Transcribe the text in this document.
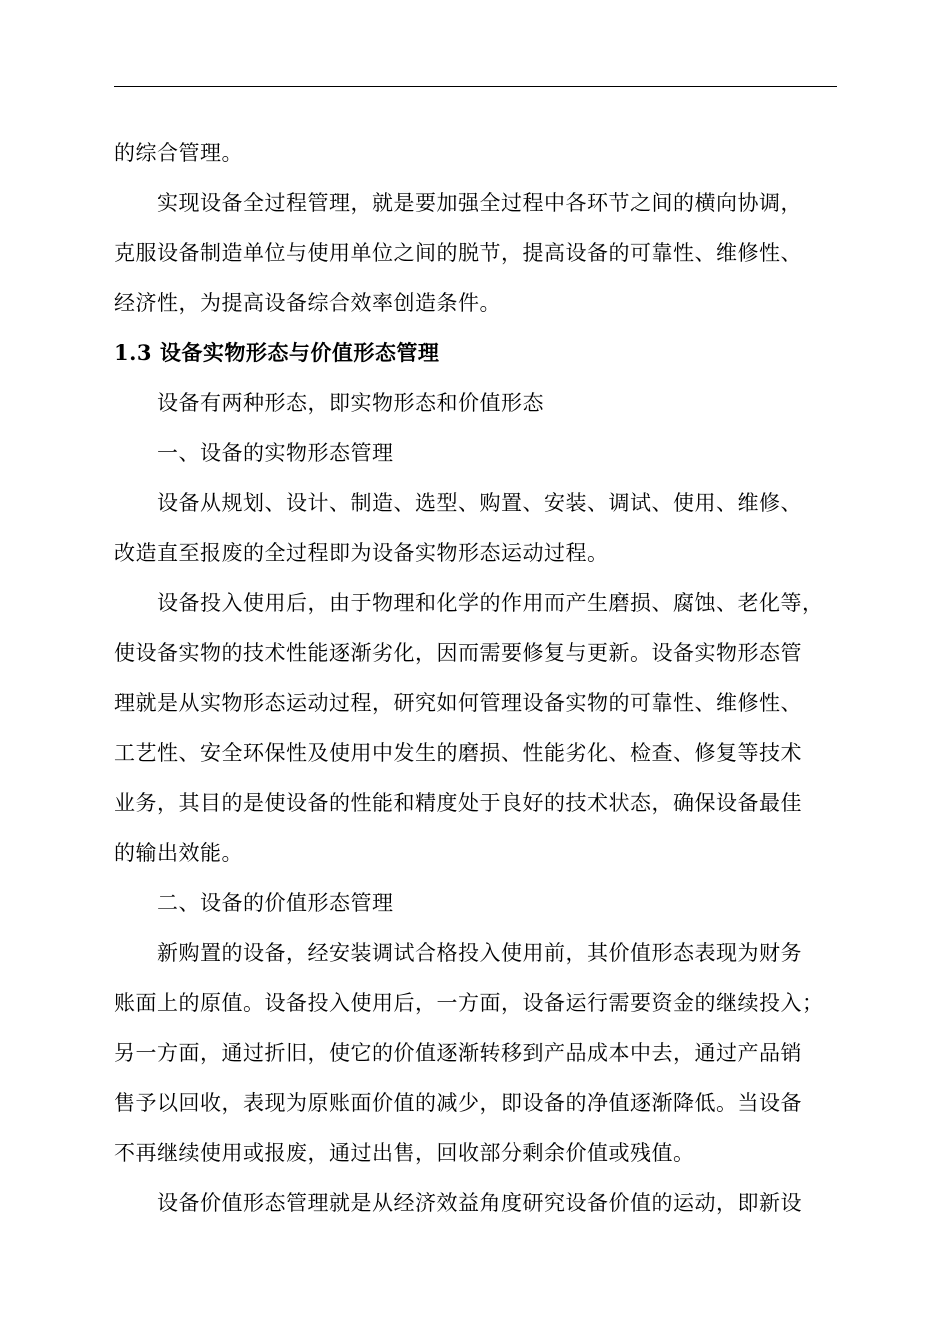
的综合管理。
实现设备全过程管理，就是要加强全过程中各环节之间的横向协调，
克服设备制造单位与使用单位之间的脱节，提高设备的可靠性、维修性、
经济性，为提高设备综合效率创造条件。
1.3 设备实物形态与价值形态管理
设备有两种形态，即实物形态和价值形态
一、设备的实物形态管理
设备从规划、设计、制造、选型、购置、安装、调试、使用、维修、
改造直至报废的全过程即为设备实物形态运动过程。
设备投入使用后，由于物理和化学的作用而产生磨损、腐蚀、老化等，
使设备实物的技术性能逐渐劣化，因而需要修复与更新。设备实物形态管
理就是从实物形态运动过程，研究如何管理设备实物的可靠性、维修性、
工艺性、安全环保性及使用中发生的磨损、性能劣化、检查、修复等技术
业务，其目的是使设备的性能和精度处于良好的技术状态，确保设备最佳
的输出效能。
二、设备的价值形态管理
新购置的设备，经安装调试合格投入使用前，其价值形态表现为财务
账面上的原值。设备投入使用后，一方面，设备运行需要资金的继续投入；
另一方面，通过折旧，使它的价值逐渐转移到产品成本中去，通过产品销
售予以回收，表现为原账面价值的减少，即设备的净值逐渐降低。当设备
不再继续使用或报废，通过出售，回收部分剩余价值或残值。
设备价值形态管理就是从经济效益角度研究设备价值的运动，即新设
